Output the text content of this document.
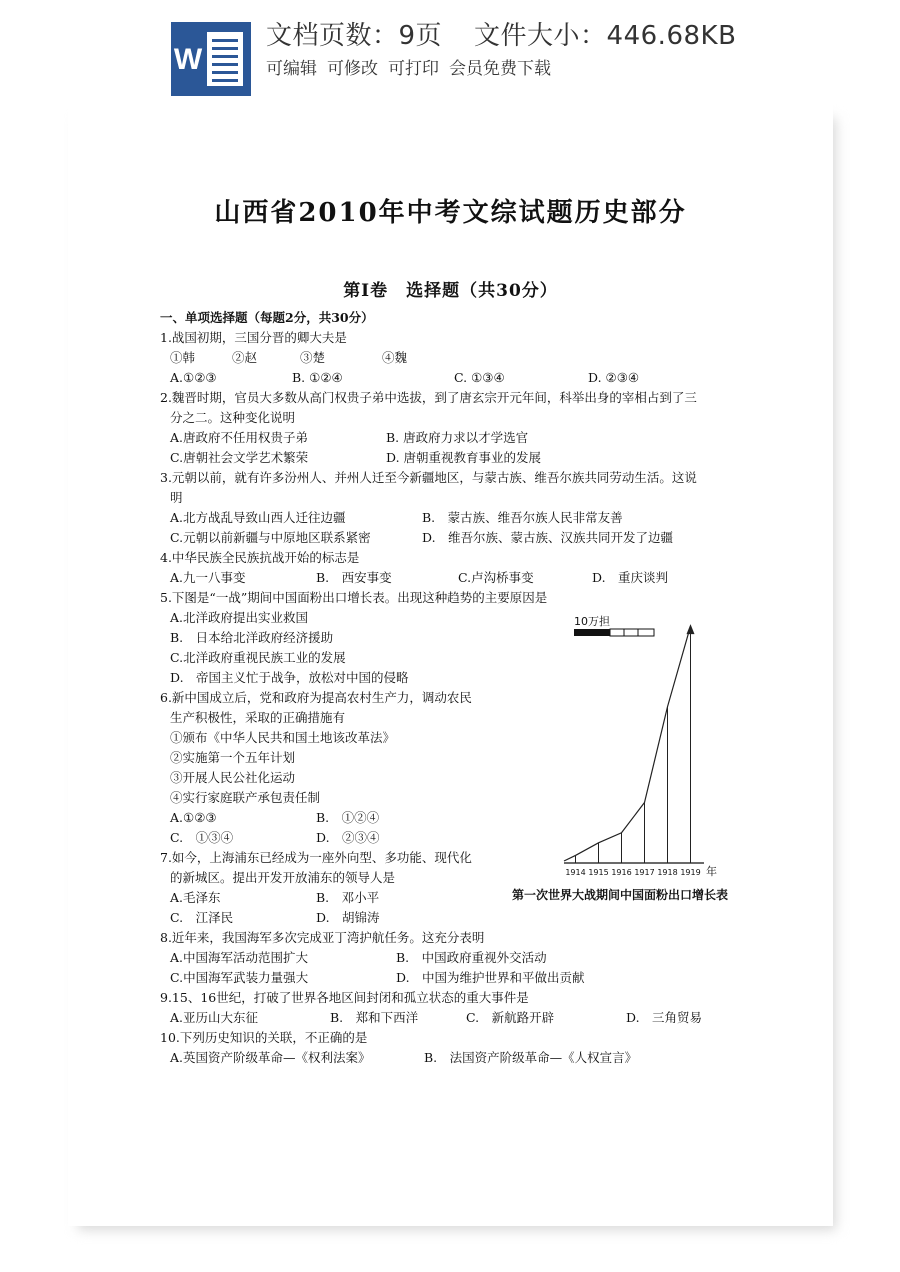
W
文档页数：9页 文件大小：446.68KB
可编辑 可修改 可打印 会员免费下载
山西省2010年中考文综试题历史部分
第Ⅰ卷 选择题（共30分）
一、单项选择题（每题2分，共30分）
1.战国初期，三国分晋的卿大夫是
①韩	②赵	③楚	④魏
A.①②③	B. ①②④	C. ①③④	D. ②③④
2.魏晋时期，官员大多数从高门权贵子弟中选拔，到了唐玄宗开元年间，科举出身的宰相占到了三
分之二。这种变化说明
A.唐政府不任用权贵子弟	B. 唐政府力求以才学选官
C.唐朝社会文学艺术繁荣	D. 唐朝重视教育事业的发展
3.元朝以前，就有许多汾州人、并州人迁至今新疆地区，与蒙古族、维吾尔族共同劳动生活。这说
明
A.北方战乱导致山西人迁往边疆	B.　蒙古族、维吾尔族人民非常友善
C.元朝以前新疆与中原地区联系紧密	D.　维吾尔族、蒙古族、汉族共同开发了边疆
4.中华民族全民族抗战开始的标志是
A.九一八事变	B.　西安事变	C.卢沟桥事变	D.　重庆谈判
5.下图是“一战”期间中国面粉出口增长表。出现这种趋势的主要原因是
A.北洋政府提出实业救国
B.　日本给北洋政府经济援助
C.北洋政府重视民族工业的发展
D.　帝国主义忙于战争，放松对中国的侵略
6.新中国成立后，党和政府为提高农村生产力，调动农民
生产积极性，采取的正确措施有
①颁布《中华人民共和国土地该改革法》
②实施第一个五年计划
③开展人民公社化运动
④实行家庭联产承包责任制
A.①②③	B.　①②④
C.　①③④	D.　②③④
7.如今，上海浦东已经成为一座外向型、多功能、现代化
的新城区。提出开发开放浦东的领导人是
A.毛泽东	B.　邓小平
C.　江泽民	D.　胡锦涛
8.近年来，我国海军多次完成亚丁湾护航任务。这充分表明
A.中国海军活动范围扩大	B.　中国政府重视外交活动
C.中国海军武装力量强大	D.　中国为维护世界和平做出贡献
9.15、16世纪，打破了世界各地区间封闭和孤立状态的重大事件是
A.亚历山大东征	B.　郑和下西洋	C.　新航路开辟	D.　三角贸易
10.下列历史知识的关联，不正确的是
A.英国资产阶级革命—《权利法案》	B.　法国资产阶级革命—《人权宣言》
10万担
1914 1915 1916 1917 1918 1919 年
第一次世界大战期间中国面粉出口增长表
